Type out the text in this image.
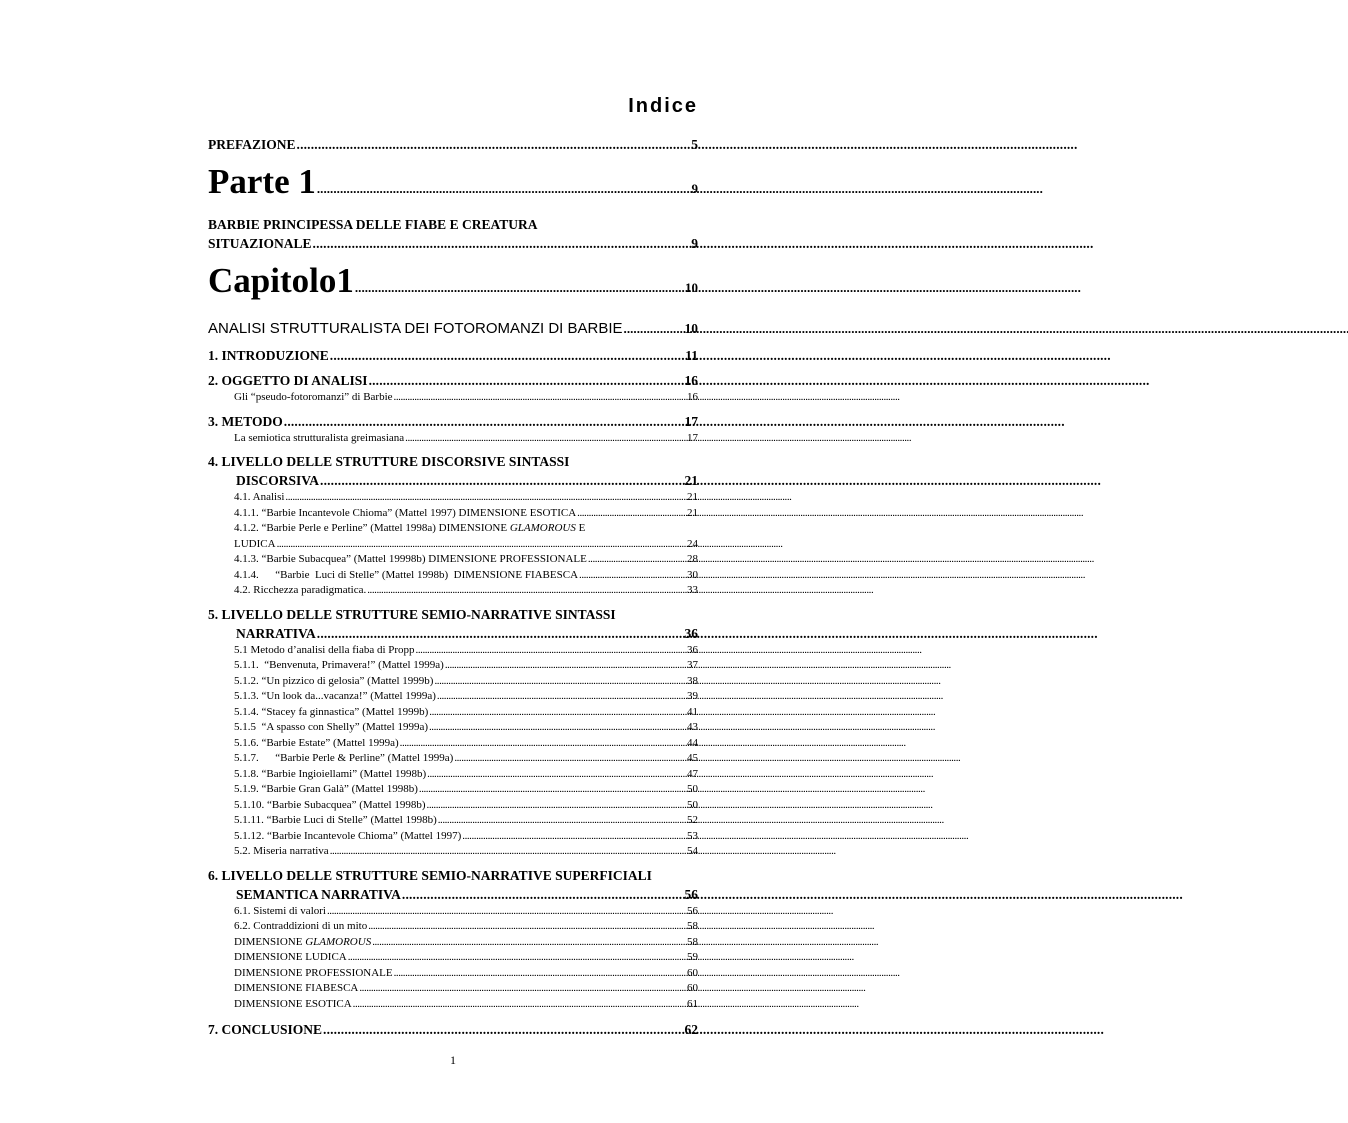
Indice
PREFAZIONE . . .	5
Parte 1 . . .	9
BARBIE PRINCIPESSA DELLE FIABE E CREATURA
SITUAZIONALE . . .	9
Capitolo1 . . .	10
ANALISI STRUTTURALISTA DEI FOTOROMANZI DI BARBIE . . .	10
1. INTRODUZIONE . . .	11
2. OGGETTO DI ANALISI . . .	16
Gli “pseudo-fotoromanzi” di Barbie . . .	16
3. METODO . . .	17
La semiotica strutturalista greimasiana . . .	17
4. LIVELLO DELLE STRUTTURE DISCORSIVE SINTASSI
DISCORSIVA . . .	21
4.1. Analisi . . .	21
4.1.1. “Barbie Incantevole Chioma” (Mattel 1997) DIMENSIONE ESOTICA . . .	21
4.1.2. “Barbie Perle e Perline” (Mattel 1998a) DIMENSIONE GLAMOROUS E
LUDICA . . .	24
4.1.3. “Barbie Subacquea” (Mattel 19998b) DIMENSIONE PROFESSIONALE . . .	28
4.1.4.      “Barbie  Luci di Stelle” (Mattel 1998b)  DIMENSIONE FIABESCA . . .	30
4.2. Ricchezza paradigmatica. . . .	33
5. LIVELLO DELLE STRUTTURE SEMIO-NARRATIVE SINTASSI
NARRATIVA . . .	36
5.1 Metodo d’analisi della fiaba di Propp . . .	36
5.1.1.  “Benvenuta, Primavera!” (Mattel 1999a) . . .	37
5.1.2. “Un pizzico di gelosia” (Mattel 1999b) . . .	38
5.1.3. “Un look da...vacanza!” (Mattel 1999a) . . .	39
5.1.4. “Stacey fa ginnastica” (Mattel 1999b) . . .	41
5.1.5  “A spasso con Shelly” (Mattel 1999a) . . .	43
5.1.6. “Barbie Estate” (Mattel 1999a) . . .	44
5.1.7.      “Barbie Perle & Perline” (Mattel 1999a) . . .	45
5.1.8. “Barbie Ingioiellami” (Mattel 1998b) . . .	47
5.1.9. “Barbie Gran Galà” (Mattel 1998b) . . .	50
5.1.10. “Barbie Subacquea” (Mattel 1998b) . . .	50
5.1.11. “Barbie Luci di Stelle” (Mattel 1998b) . . .	52
5.1.12. “Barbie Incantevole Chioma” (Mattel 1997) . . .	53
5.2. Miseria narrativa . . .	54
6. LIVELLO DELLE STRUTTURE SEMIO-NARRATIVE SUPERFICIALI
SEMANTICA NARRATIVA . . .	56
6.1. Sistemi di valori . . .	56
6.2. Contraddizioni di un mito . . .	58
DIMENSIONE GLAMOROUS . . .	58
DIMENSIONE LUDICA . . .	59
DIMENSIONE PROFESSIONALE . . .	60
DIMENSIONE FIABESCA . . .	60
DIMENSIONE ESOTICA . . .	61
7. CONCLUSIONE . . .	62
1
